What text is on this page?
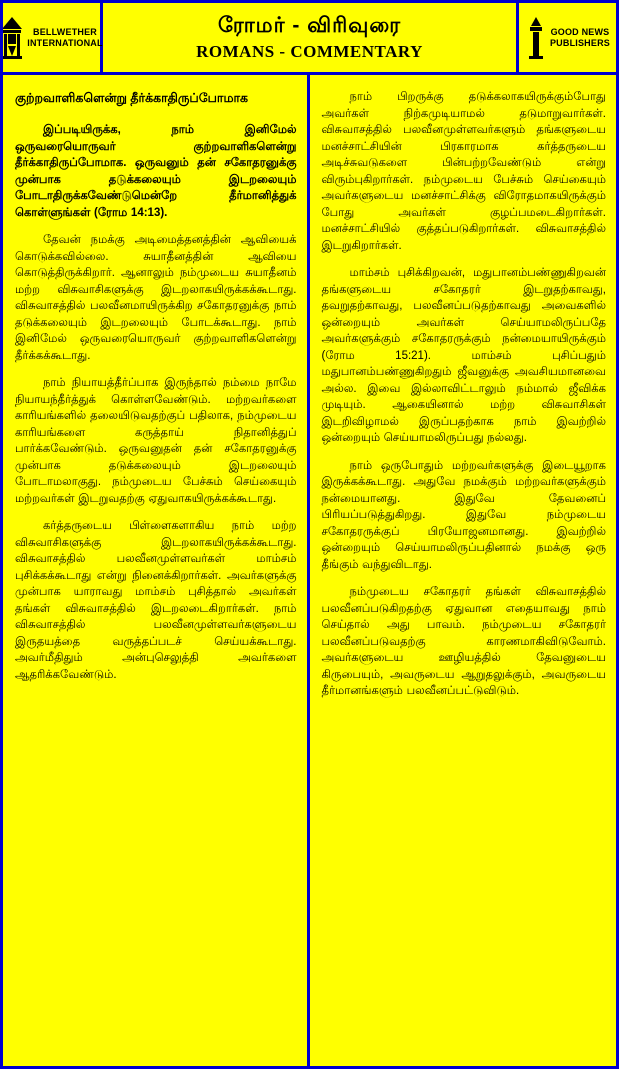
BELLWETHER
INTERNATIONAL
ரோமர் - விரிவுரை
ROMANS - COMMENTARY
GOOD NEWS
PUBLISHERS
குற்றவாளிகளென்று தீர்க்காதிருப்போமாக

இப்படியிருக்க, நாம் இனிமேல் ஒருவரையொருவர் குற்றவாளிகளென்று தீர்க்காதிருப்போமாக. ஒருவனும் தன் சகோதரனுக்கு முன்பாக தடுக்கலையும் இடறலையும் போடாதிருக்கவேண்டுமென்றே தீர்மானித்துக் கொள்ளுங்கள் (ரோம 14:13).

தேவன் நமக்கு அடிமைத்தனத்தின் ஆவியைக் கொடுக்கவில்லை. சுயாதீனத்தின் ஆவியை கொடுத்திருக்கிறார். ஆனாலும் நம்முடைய சுயாதீனம் மற்ற விசுவாசிகளுக்கு இடறலாகயிருக்கக்கூடாது. விசுவாசத்தில் பலவீனமாயிருக்கிற சகோதரனுக்கு நாம் தடுக்கலையும் இடறலையும் போடக்கூடாது. நாம் இனிமேல் ஒருவரையொருவர் குற்றவாளிகளென்று தீர்க்கக்கூடாது.

நாம் நியாயத்தீர்ப்பாக இருந்தால் நம்மை நாமே நியாயந்தீர்த்துக் கொள்ளவேண்டும். மற்றவர்களை காரியங்களில் தலையிடுவதற்குப் பதிலாக, நம்முடைய காரியங்களை கருத்தாய் நிதானித்துப் பார்க்கவேண்டும். ஒருவனுதன் தன் சகோதரனுக்கு முன்பாக தடுக்கலையும் இடறலையும் போடாமலாகுது. நம்முடைய பேச்சும் செய்கையும் மற்றவர்கள் இடறுவதற்கு ஏதுவாகயிருக்கக்கூடாது.

கர்த்தருடைய பிள்ளைகளாகிய நாம் மற்ற விசுவாசிகளுக்கு இடறலாகயிருக்கக்கூடாது. விசுவாசத்தில் பலவீனமுள்ளவர்கள் மாம்சம் புசிக்கக்கூடாது என்று நினைக்கிறார்கள். அவர்களுக்கு முன்பாக யாராவது மாம்சம் புசித்தால் அவர்கள் தங்கள் விசுவாசத்தில் இடறலடைகிறார்கள். நாம் விசுவாசத்தில் பலவீனமுள்ளவர்களுடைய இருதயத்தை வருத்தப்படச் செய்யக்கூடாது. அவர்மீதிதும் அன்புசெலுத்தி அவர்களை ஆதரிக்கவேண்டும்.

நாம் பிறருக்கு தடுக்கலாகயிருக்கும்போது அவர்கள் நிற்கமுடியாமல் தடுமாறுவார்கள். விசுவாசத்தில் பலவீனமுள்ளவர்களும் தங்களுடைய மனச்சாட்சியின் பிரகாரமாக கர்த்தருடைய அடிச்சுவடுகளை பின்பற்றவேண்டும் என்று விரும்புகிறார்கள். நம்முடைய பேச்சும் செய்கையும் அவர்களுடைய மனச்சாட்சிக்கு விரோதமாகயிருக்கும் போது அவர்கள் குழப்பமடைகிறார்கள். மனச்சாட்சியில் குத்தப்படுகிறார்கள். விசுவாசத்தில் இடறுகிறார்கள்.

மாம்சம் புசிக்கிறவன், மதுபானம்பண்ணுகிறவன் தங்களுடைய சகோதரர் இடறுதற்காவது, தவறுதற்காவது, பலவீனப்படுதற்காவது அவைகளில் ஒன்றையும் அவர்கள் செய்யாமலிருப்பதே அவர்களுக்கும் சகோதரருக்கும் நன்மையாயிருக்கும் (ரோம 15:21). மாம்சம் புசிப்பதும் மதுபானம்பண்ணுகிறதும் ஜீவனுக்கு அவசியமானவை அல்ல. இவை இல்லாவிட்டாலும் நம்மால் ஜீவிக்க முடியும். ஆகையினால் மற்ற விசுவாசிகள் இடறிவிழாமல் இருப்பதற்காக நாம் இவற்றில் ஒன்றையும் செய்யாமலிருப்பது நல்லது.

நாம் ஒருபோதும் மற்றவர்களுக்கு இடையூறாக இருக்கக்கூடாது. அதுவே நமக்கும் மற்றவர்களுக்கும் நன்மையானது. இதுவே தேவனைப் பிரியப்படுத்துகிறது. இதுவே நம்முடைய சகோதரருக்குப் பிரயோஜனமானது. இவற்றில் ஒன்றையும் செய்யாமலிருப்பதினால் நமக்கு ஒரு தீங்கும் வந்துவிடாது.

நம்முடைய சகோதரர் தங்கள் விசுவாசத்தில் பலவீனப்படுகிறதற்கு ஏதுவான எதையாவது நாம் செய்தால் அது பாவம். நம்முடைய சகோதரர் பலவீனப்படுவதற்கு காரணமாகிவிடுவோம். அவர்களுடைய ஊழியத்தில் தேவனுடைய கிருபையும், அவருடைய ஆறுதலுக்கும், அவருடைய தீர்மானங்களும் பலவீனப்பட்டுவிடும்.
